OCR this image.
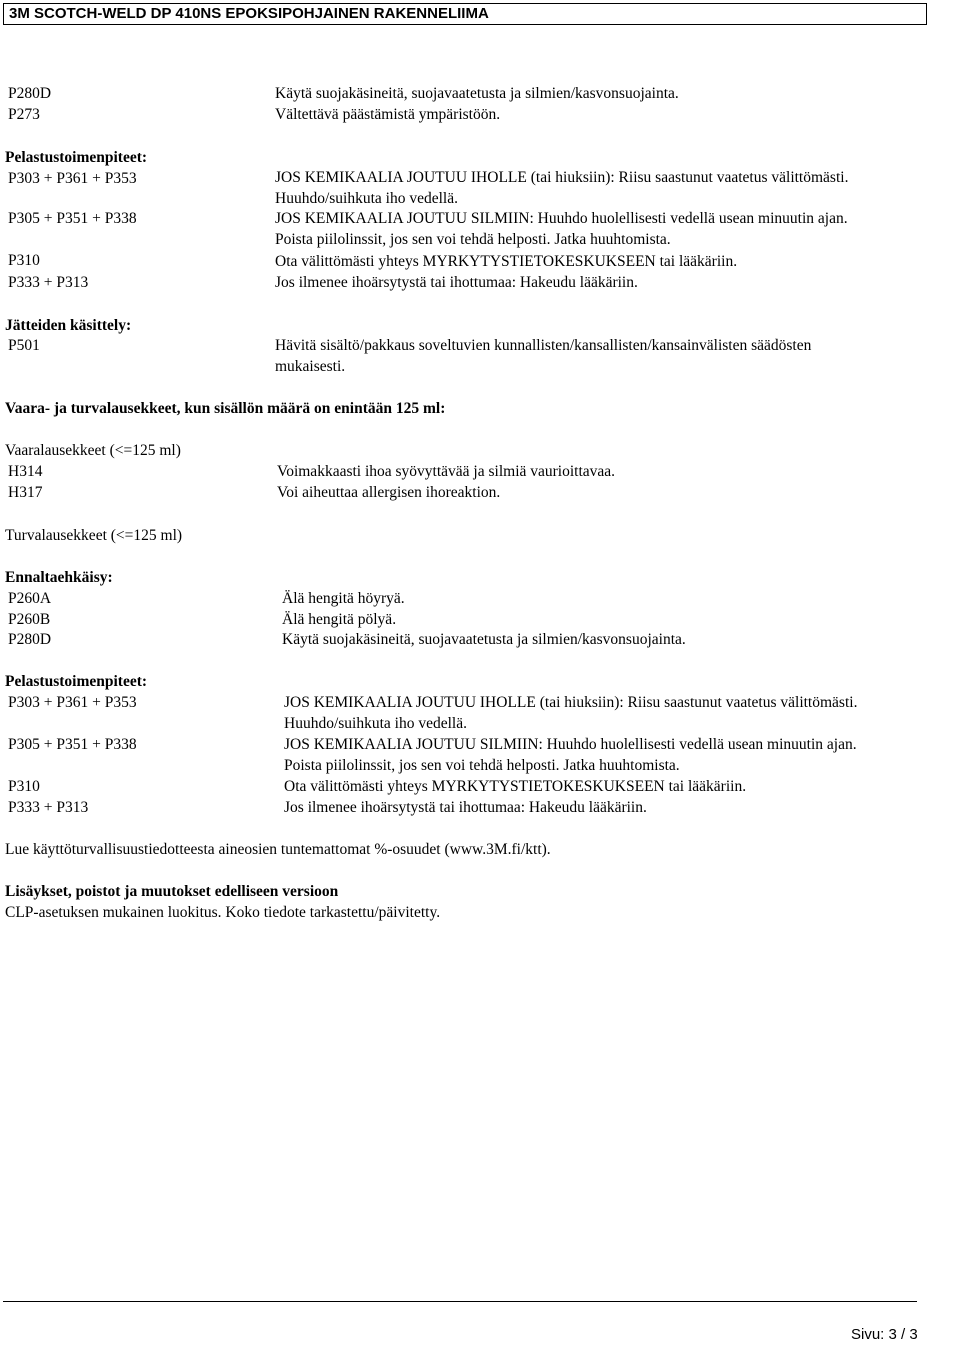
3M SCOTCH-WELD DP 410NS EPOKSIPOHJAINEN RAKENNELIIMA
P280D	Käytä suojakäsineitä, suojavaatetusta ja silmien/kasvonsuojainta.
P273	Vältettävä päästämistä ympäristöön.
Pelastustoimenpiteet:
P303 + P361 + P353	JOS KEMIKAALIA JOUTUU IHOLLE (tai hiuksiin): Riisu saastunut vaatetus välittömästi.
Huuhdo/suihkuta iho vedellä.
P305 + P351 + P338	JOS KEMIKAALIA JOUTUU SILMIIN: Huuhdo huolellisesti vedellä usean minuutin ajan.
Poista piilolinssit, jos sen voi tehdä helposti. Jatka huuhtomista.
P310	Ota välittömästi yhteys MYRKYTYSTIETOKESKUKSEEN tai lääkäriin.
P333 + P313	Jos ilmenee ihoärsytystä tai ihottumaa: Hakeudu lääkäriin.
Jätteiden käsittely:
P501	Hävitä sisältö/pakkaus soveltuvien kunnallisten/kansallisten/kansainvälisten säädösten
mukaisesti.
Vaara- ja turvalausekkeet, kun sisällön määrä on enintään 125 ml:
Vaaralausekkeet (<=125 ml)
H314	Voimakkaasti ihoa syövyttävää ja silmiä vaurioittavaa.
H317	Voi aiheuttaa allergisen ihoreaktion.
Turvalausekkeet (<=125 ml)
Ennaltaehkäisy:
P260A	Älä hengitä höyryä.
P260B	Älä hengitä pölyä.
P280D	Käytä suojakäsineitä, suojavaatetusta ja silmien/kasvonsuojainta.
Pelastustoimenpiteet:
P303 + P361 + P353	JOS KEMIKAALIA JOUTUU IHOLLE (tai hiuksiin): Riisu saastunut vaatetus välittömästi.
Huuhdo/suihkuta iho vedellä.
P305 + P351 + P338	JOS KEMIKAALIA JOUTUU SILMIIN: Huuhdo huolellisesti vedellä usean minuutin ajan.
Poista piilolinssit, jos sen voi tehdä helposti. Jatka huuhtomista.
P310	Ota välittömästi yhteys MYRKYTYSTIETOKESKUKSEEN tai lääkäriin.
P333 + P313	Jos ilmenee ihoärsytystä tai ihottumaa: Hakeudu lääkäriin.
Lue käyttöturvallisuustiedotteesta aineosien tuntemattomat %-osuudet (www.3M.fi/ktt).
Lisäykset, poistot ja muutokset edelliseen versioon
CLP-asetuksen mukainen luokitus. Koko tiedote tarkastettu/päivitetty.
Sivu: 3 / 3
